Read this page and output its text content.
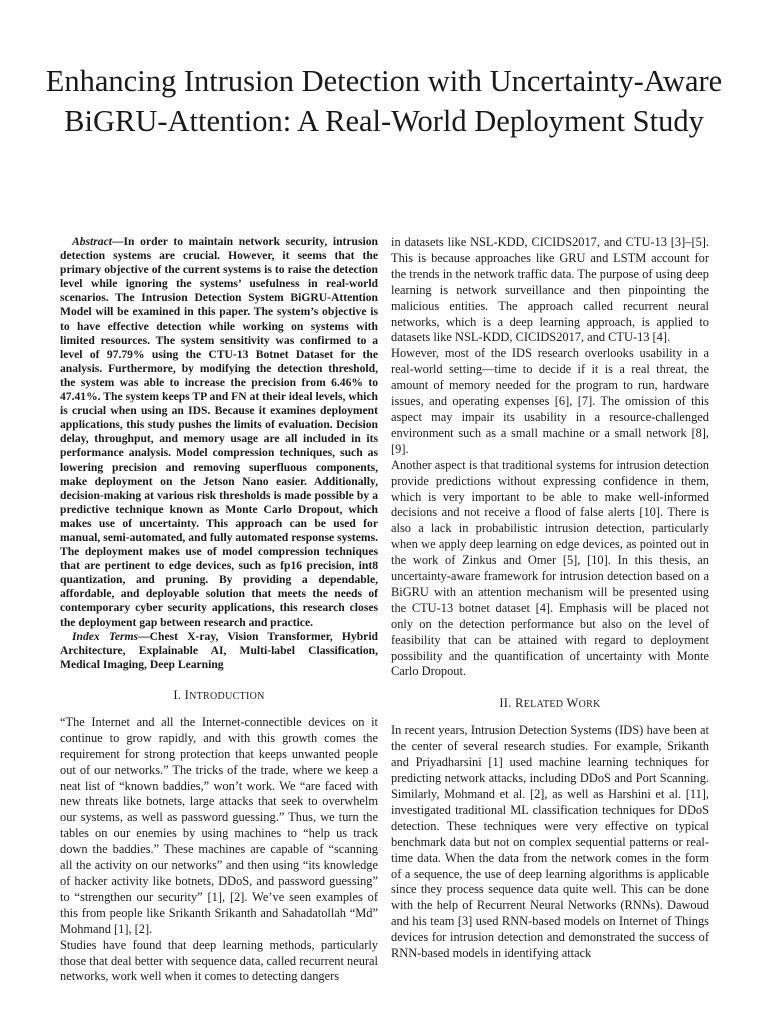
Enhancing Intrusion Detection with Uncertainty-Aware BiGRU-Attention: A Real-World Deployment Study

Abstract—In order to maintain network security, intrusion detection systems are crucial. However, it seems that the primary objective of the current systems is to raise the detection level while ignoring the systems’ usefulness in real-world scenarios. The Intrusion Detection System BiGRU-Attention Model will be examined in this paper. The system’s objective is to have effective detection while working on systems with limited resources. The system sensitivity was confirmed to a level of 97.79% using the CTU-13 Botnet Dataset for the analysis. Furthermore, by modifying the detection threshold, the system was able to increase the precision from 6.46% to 47.41%. The system keeps TP and FN at their ideal levels, which is crucial when using an IDS. Because it examines deployment applications, this study pushes the limits of evaluation. Decision delay, throughput, and memory usage are all included in its performance analysis. Model compression techniques, such as lowering precision and removing superfluous components, make deployment on the Jetson Nano easier. Additionally, decision-making at various risk thresholds is made possible by a predictive technique known as Monte Carlo Dropout, which makes use of uncertainty. This approach can be used for manual, semi-automated, and fully automated response systems. The deployment makes use of model compression techniques that are pertinent to edge devices, such as fp16 precision, int8 quantization, and pruning. By providing a dependable, affordable, and deployable solution that meets the needs of contemporary cyber security applications, this research closes the deployment gap between research and practice.

Index Terms—Chest X-ray, Vision Transformer, Hybrid Architecture, Explainable AI, Multi-label Classification, Medical Imaging, Deep Learning

I. INTRODUCTION

“The Internet and all the Internet-connectible devices on it continue to grow rapidly, and with this growth comes the requirement for strong protection that keeps unwanted people out of our networks.” The tricks of the trade, where we keep a neat list of “known baddies,” won’t work. We “are faced with new threats like botnets, large attacks that seek to overwhelm our systems, as well as password guessing.” Thus, we turn the tables on our enemies by using machines to “help us track down the baddies.” These machines are capable of “scanning all the activity on our networks” and then using “its knowledge of hacker activity like botnets, DDoS, and password guessing” to “strengthen our security” [1], [2]. We’ve seen examples of this from people like Srikanth Srikanth and Sahadatollah “Md” Mohmand [1], [2].

Studies have found that deep learning methods, particularly those that deal better with sequence data, called recurrent neural networks, work well when it comes to detecting dangers

in datasets like NSL-KDD, CICIDS2017, and CTU-13 [3]–[5]. This is because approaches like GRU and LSTM account for the trends in the network traffic data. The purpose of using deep learning is network surveillance and then pinpointing the malicious entities. The approach called recurrent neural networks, which is a deep learning approach, is applied to datasets like NSL-KDD, CICIDS2017, and CTU-13 [4].

However, most of the IDS research overlooks usability in a real-world setting—time to decide if it is a real threat, the amount of memory needed for the program to run, hardware issues, and operating expenses [6], [7]. The omission of this aspect may impair its usability in a resource-challenged environment such as a small machine or a small network [8], [9].

Another aspect is that traditional systems for intrusion detection provide predictions without expressing confidence in them, which is very important to be able to make well-informed decisions and not receive a flood of false alerts [10]. There is also a lack in probabilistic intrusion detection, particularly when we apply deep learning on edge devices, as pointed out in the work of Zinkus and Omer [5], [10]. In this thesis, an uncertainty-aware framework for intrusion detection based on a BiGRU with an attention mechanism will be presented using the CTU-13 botnet dataset [4]. Emphasis will be placed not only on the detection performance but also on the level of feasibility that can be attained with regard to deployment possibility and the quantification of uncertainty with Monte Carlo Dropout.

II. RELATED WORK

In recent years, Intrusion Detection Systems (IDS) have been at the center of several research studies. For example, Srikanth and Priyadharsini [1] used machine learning techniques for predicting network attacks, including DDoS and Port Scanning. Similarly, Mohmand et al. [2], as well as Harshini et al. [11], investigated traditional ML classification techniques for DDoS detection. These techniques were very effective on typical benchmark data but not on complex sequential patterns or real-time data. When the data from the network comes in the form of a sequence, the use of deep learning algorithms is applicable since they process sequence data quite well. This can be done with the help of Recurrent Neural Networks (RNNs). Dawoud and his team [3] used RNN-based models on Internet of Things devices for intrusion detection and demonstrated the success of RNN-based models in identifying attack
